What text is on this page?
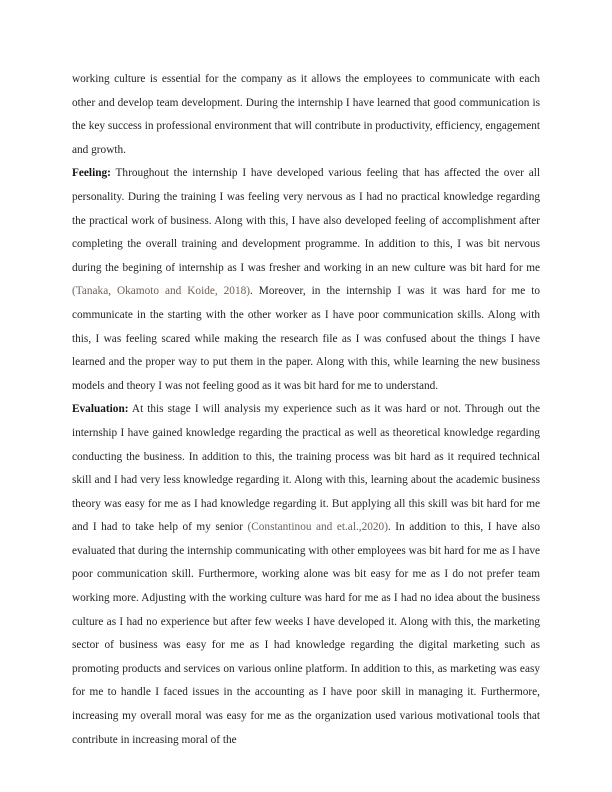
working culture is essential for the company as it allows the employees to communicate with each other and develop team development. During the internship I have learned that good communication is the key success in professional environment that will contribute in productivity, efficiency, engagement and growth.

Feeling: Throughout the internship I have developed various feeling that has affected the over all personality. During the training I was feeling very nervous as I had no practical knowledge regarding the practical work of business. Along with this, I have also developed feeling of accomplishment after completing the overall training and development programme. In addition to this, I was bit nervous during the begining of internship as I was fresher and working in an new culture was bit hard for me (Tanaka, Okamoto and Koide, 2018). Moreover, in the internship I was it was hard for me to communicate in the starting with the other worker as I have poor communication skills. Along with this, I was feeling scared while making the research file as I was confused about the things I have learned and the proper way to put them in the paper. Along with this, while learning the new business models and theory I was not feeling good as it was bit hard for me to understand.

Evaluation: At this stage I will analysis my experience such as it was hard or not. Through out the internship I have gained knowledge regarding the practical as well as theoretical knowledge regarding conducting the business. In addition to this, the training process was bit hard as it required technical skill and I had very less knowledge regarding it. Along with this, learning about the academic business theory was easy for me as I had knowledge regarding it. But applying all this skill was bit hard for me and I had to take help of my senior (Constantinou and et.al.,2020). In addition to this, I have also evaluated that during the internship communicating with other employees was bit hard for me as I have poor communication skill. Furthermore, working alone was bit easy for me as I do not prefer team working more. Adjusting with the working culture was hard for me as I had no idea about the business culture as I had no experience but after few weeks I have developed it. Along with this, the marketing sector of business was easy for me as I had knowledge regarding the digital marketing such as promoting products and services on various online platform. In addition to this, as marketing was easy for me to handle I faced issues in the accounting as I have poor skill in managing it. Furthermore, increasing my overall moral was easy for me as the organization used various motivational tools that contribute in increasing moral of the
